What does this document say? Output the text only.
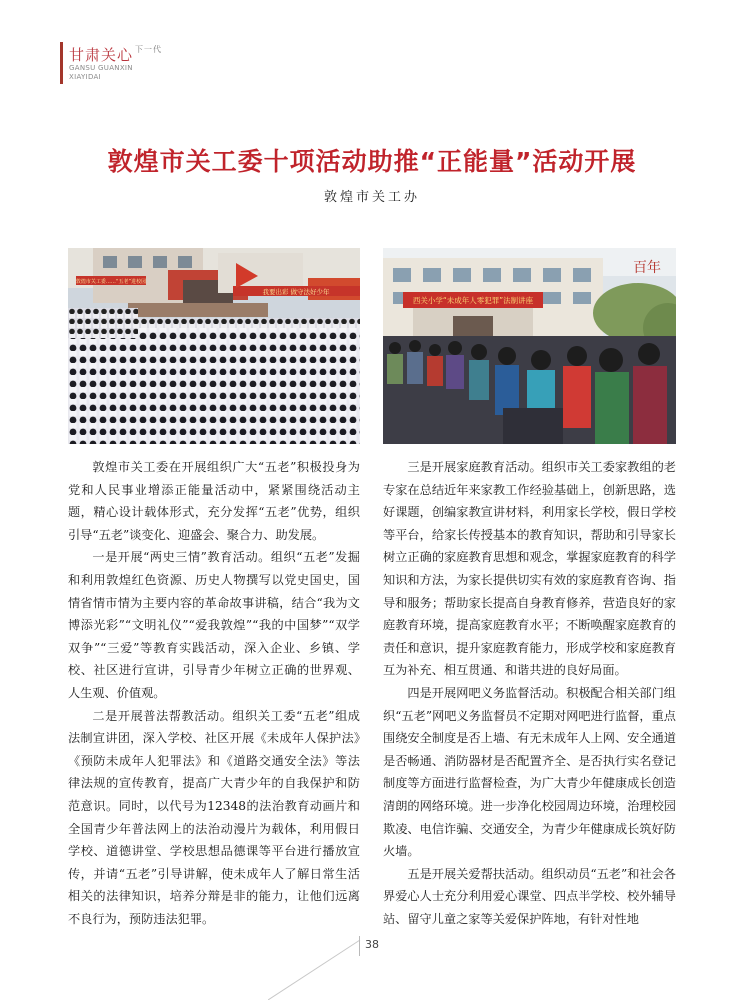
甘肃关心 $^{下一代}$
GANSU GUANXIN
XIAYIDAI
敦煌市关工委十项活动助推“正能量”活动开展
敦煌市关工办
我要出彩 做守法好少年
敦煌市关工委……“五老”进校园
百年
西关小学“未成年人零犯罪”法制讲座

敦煌市关工委在开展组织广大“五老”积极投身为党和人民事业增添正能量活动中，紧紧围绕活动主题，精心设计载体形式，充分发挥“五老”优势，组织引导“五老”谈变化、迎盛会、聚合力、助发展。

一是开展“两史三情”教育活动。组织“五老”发掘和利用敦煌红色资源、历史人物撰写以党史国史，国情省情市情为主要内容的革命故事讲稿，结合“我为文博添光彩”“文明礼仪”“爱我敦煌”“我的中国梦”“双学双争”“三爱”等教育实践活动，深入企业、乡镇、学校、社区进行宣讲，引导青少年树立正确的世界观、人生观、价值观。

二是开展普法帮教活动。组织关工委“五老”组成法制宣讲团，深入学校、社区开展《未成年人保护法》《预防未成年人犯罪法》和《道路交通安全法》等法律法规的宣传教育，提高广大青少年的自我保护和防范意识。同时，以代号为12348的法治教育动画片和全国青少年普法网上的法治动漫片为载体，利用假日学校、道德讲堂、学校思想品德课等平台进行播放宣传，并请“五老”引导讲解，使未成年人了解日常生活相关的法律知识，培养分辩是非的能力，让他们远离不良行为，预防违法犯罪。

三是开展家庭教育活动。组织市关工委家教组的老专家在总结近年来家教工作经验基础上，创新思路，选好课题，创编家教宣讲材料，利用家长学校，假日学校等平台，给家长传授基本的教育知识，帮助和引导家长树立正确的家庭教育思想和观念，掌握家庭教育的科学知识和方法，为家长提供切实有效的家庭教育咨询、指导和服务；帮助家长提高自身教育修养，营造良好的家庭教育环境，提高家庭教育水平；不断唤醒家庭教育的责任和意识，提升家庭教育能力，形成学校和家庭教育互为补充、相互贯通、和谐共进的良好局面。

四是开展网吧义务监督活动。积极配合相关部门组织“五老”网吧义务监督员不定期对网吧进行监督，重点围绕安全制度是否上墙、有无未成年人上网、安全通道是否畅通、消防器材是否配置齐全、是否执行实名登记制度等方面进行监督检查，为广大青少年健康成长创造清朗的网络环境。进一步净化校园周边环境，治理校园欺凌、电信诈骗、交通安全，为青少年健康成长筑好防火墙。

五是开展关爱帮扶活动。组织动员“五老”和社会各界爱心人士充分利用爱心课堂、四点半学校、校外辅导站、留守儿童之家等关爱保护阵地，有针对性地

38
